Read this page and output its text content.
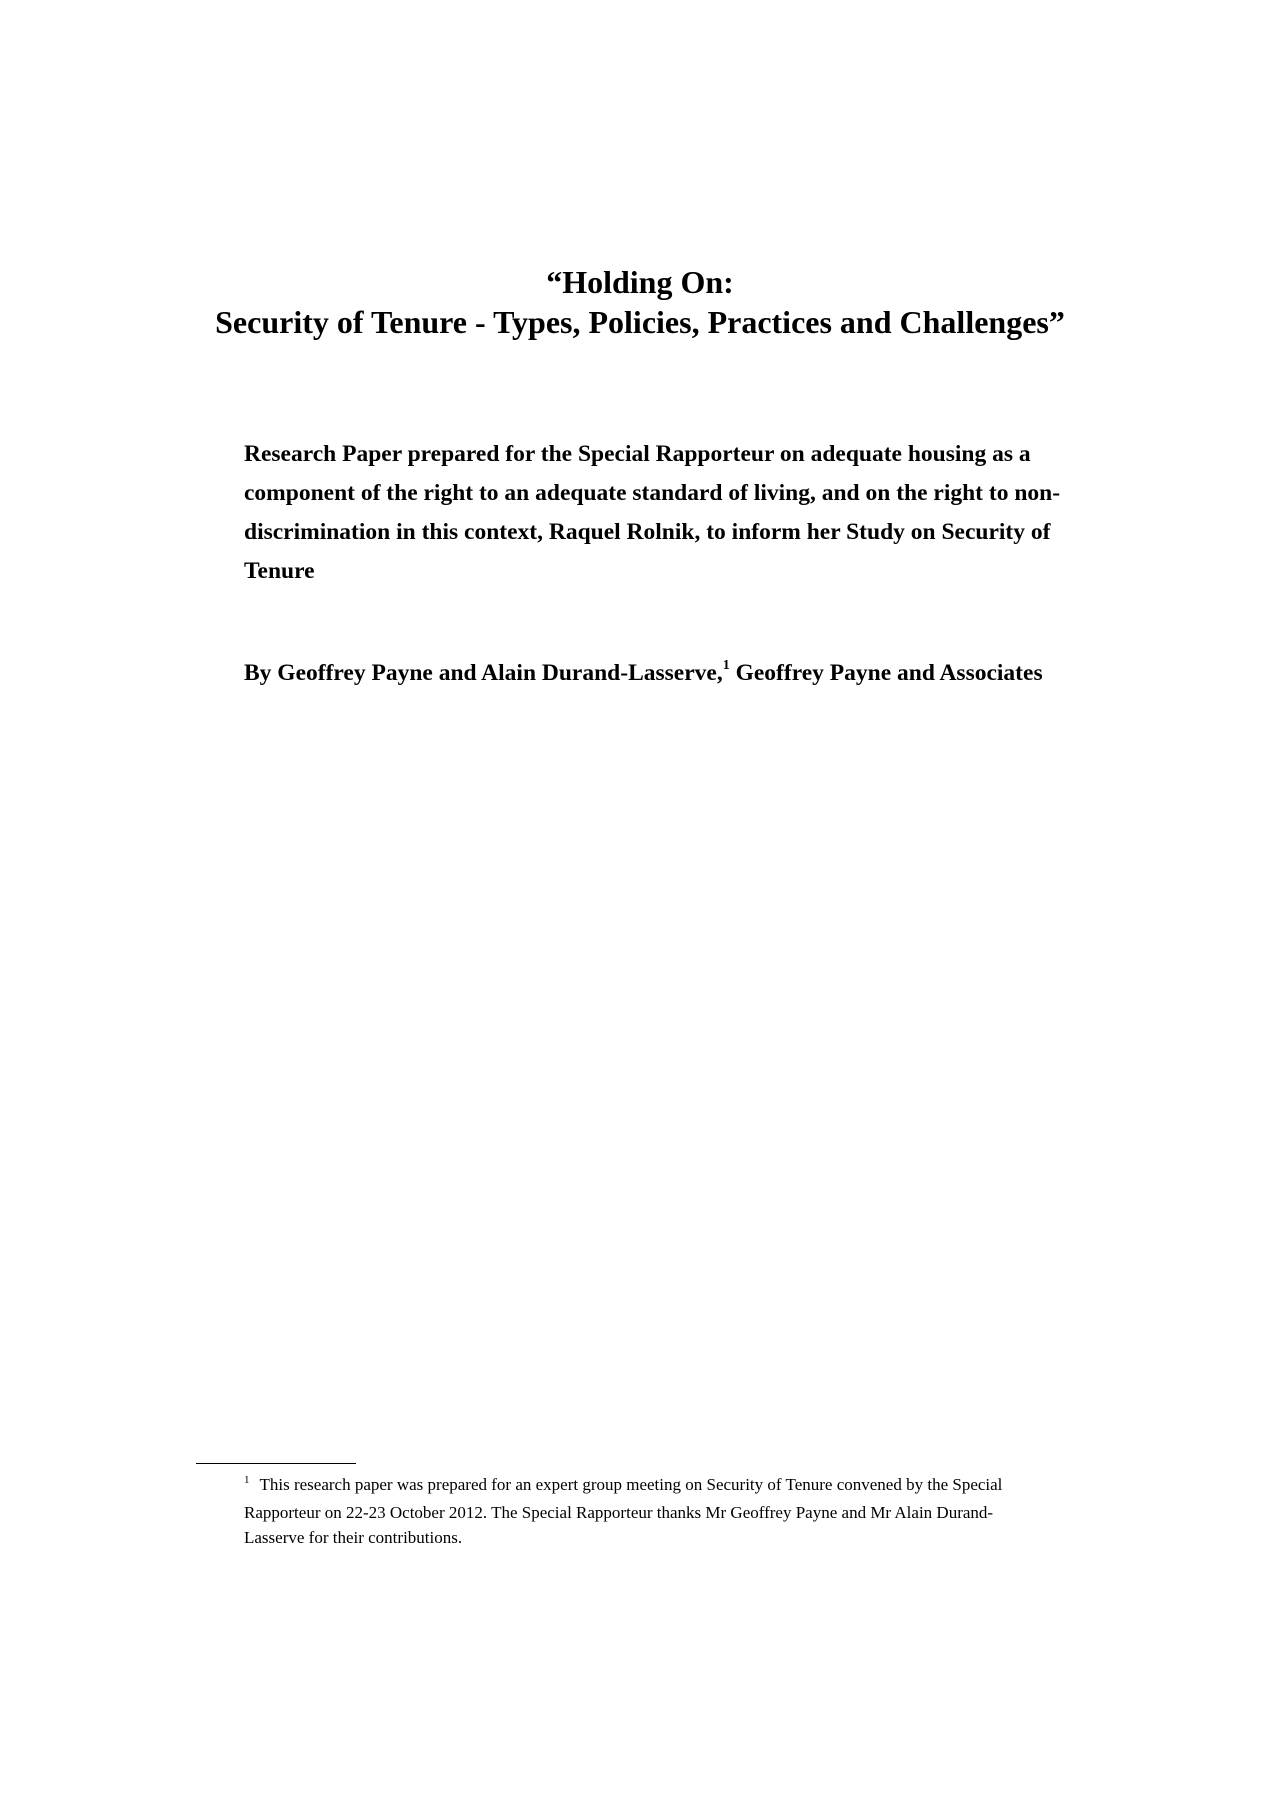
“Holding On:
Security of Tenure - Types, Policies, Practices and Challenges”
Research Paper prepared for the Special Rapporteur on adequate housing as a component of the right to an adequate standard of living, and on the right to non-discrimination in this context, Raquel Rolnik, to inform her Study on Security of Tenure
By Geoffrey Payne and Alain Durand-Lasserve,$^1$ Geoffrey Payne and Associates
$^1$ This research paper was prepared for an expert group meeting on Security of Tenure convened by the Special Rapporteur on 22-23 October 2012. The Special Rapporteur thanks Mr Geoffrey Payne and Mr Alain Durand-Lasserve for their contributions.
